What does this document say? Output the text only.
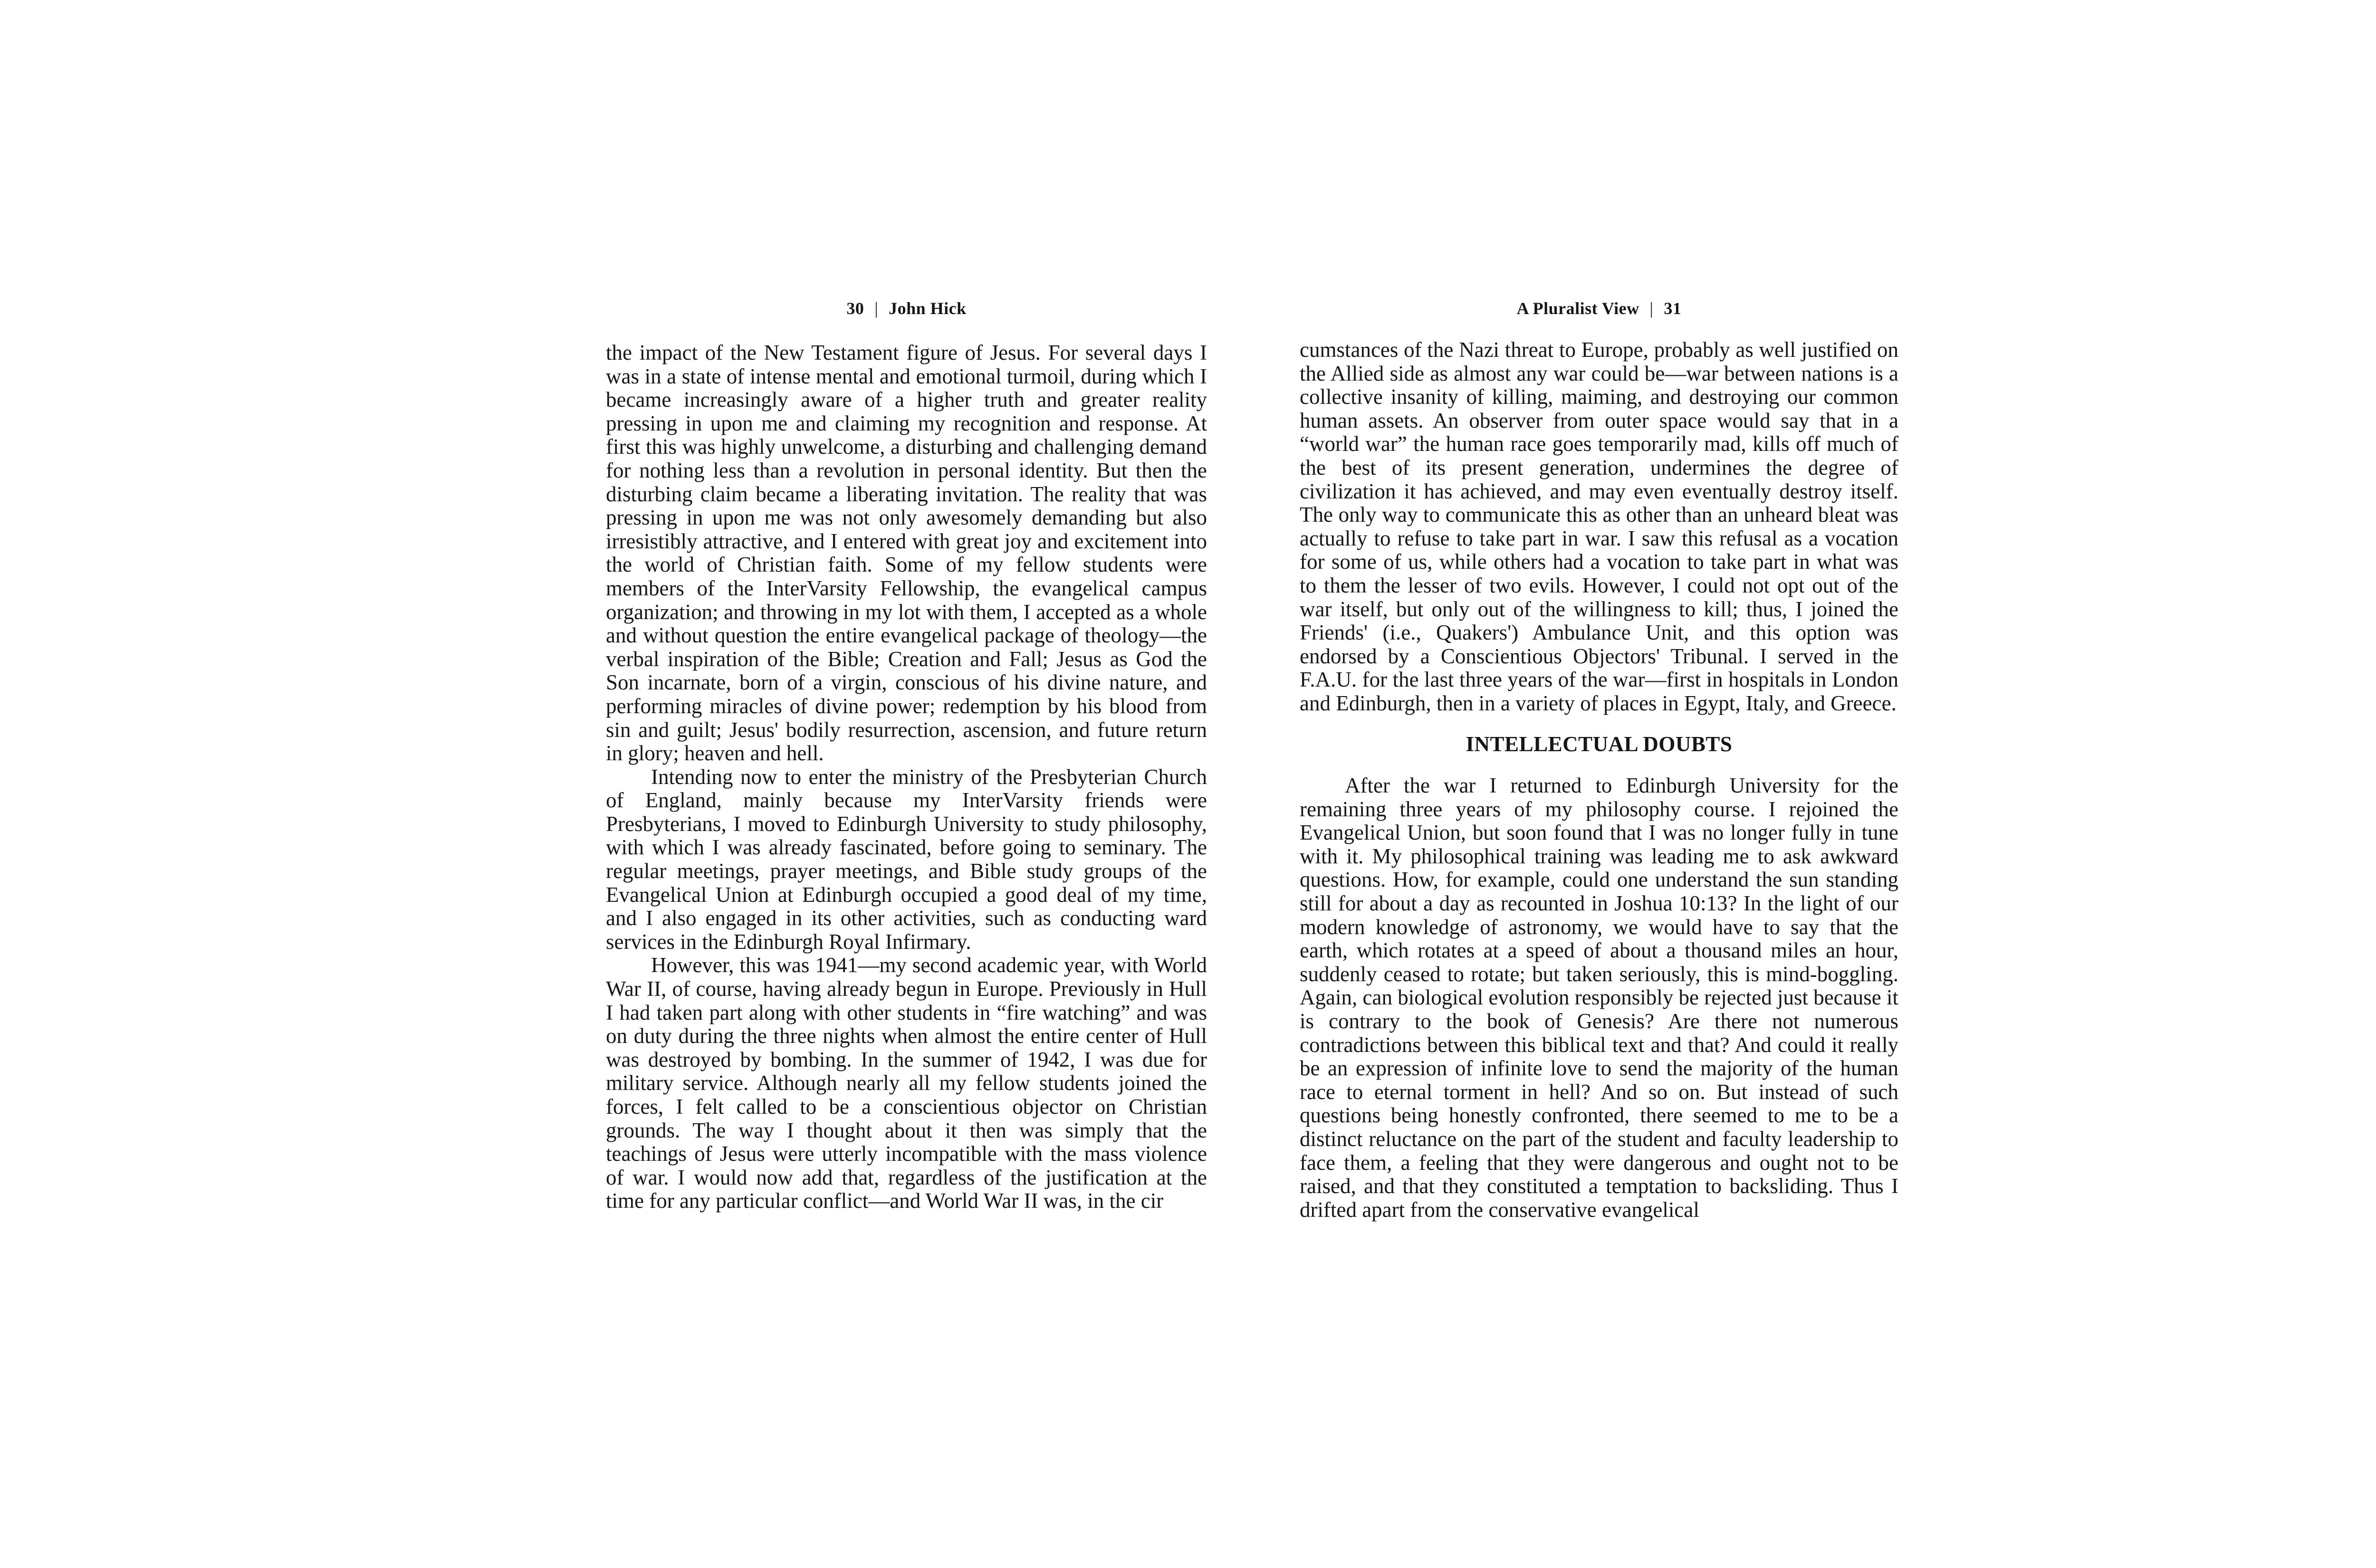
30 | John Hick

the impact of the New Testament figure of Jesus. For several days I was in a state of intense mental and emotional turmoil, during which I became increasingly aware of a higher truth and greater reality pressing in upon me and claiming my recognition and response. At first this was highly unwelcome, a disturbing and challenging demand for nothing less than a revolution in personal identity. But then the disturbing claim became a liberating invitation. The reality that was pressing in upon me was not only awesomely demanding but also irresistibly attractive, and I entered with great joy and excitement into the world of Christian faith. Some of my fellow students were members of the InterVarsity Fellowship, the evangelical campus organization; and throwing in my lot with them, I accepted as a whole and without question the entire evangelical package of theology—the verbal inspiration of the Bible; Creation and Fall; Jesus as God the Son incarnate, born of a virgin, conscious of his divine nature, and performing miracles of divine power; redemption by his blood from sin and guilt; Jesus' bodily resurrection, ascension, and future return in glory; heaven and hell.

Intending now to enter the ministry of the Presbyterian Church of England, mainly because my InterVarsity friends were Presbyterians, I moved to Edinburgh University to study philosophy, with which I was already fascinated, before going to seminary. The regular meetings, prayer meetings, and Bible study groups of the Evangelical Union at Edinburgh occupied a good deal of my time, and I also engaged in its other activities, such as conducting ward services in the Edinburgh Royal Infirmary.

However, this was 1941—my second academic year, with World War II, of course, having already begun in Europe. Previously in Hull I had taken part along with other students in “fire watching” and was on duty during the three nights when almost the entire center of Hull was destroyed by bombing. In the summer of 1942, I was due for military service. Although nearly all my fellow students joined the forces, I felt called to be a conscientious objector on Christian grounds. The way I thought about it then was simply that the teachings of Jesus were utterly incompatible with the mass violence of war. I would now add that, regardless of the justification at the time for any particular conflict—and World War II was, in the cir

A Pluralist View | 31

cumstances of the Nazi threat to Europe, probably as well justified on the Allied side as almost any war could be—war between nations is a collective insanity of killing, maiming, and destroying our common human assets. An observer from outer space would say that in a “world war” the human race goes temporarily mad, kills off much of the best of its present generation, undermines the degree of civilization it has achieved, and may even eventually destroy itself. The only way to communicate this as other than an unheard bleat was actually to refuse to take part in war. I saw this refusal as a vocation for some of us, while others had a vocation to take part in what was to them the lesser of two evils. However, I could not opt out of the war itself, but only out of the willingness to kill; thus, I joined the Friends' (i.e., Quakers') Ambulance Unit, and this option was endorsed by a Conscientious Objectors' Tribunal. I served in the F.A.U. for the last three years of the war—first in hospitals in London and Edinburgh, then in a variety of places in Egypt, Italy, and Greece.

INTELLECTUAL DOUBTS

After the war I returned to Edinburgh University for the remaining three years of my philosophy course. I rejoined the Evangelical Union, but soon found that I was no longer fully in tune with it. My philosophical training was leading me to ask awkward questions. How, for example, could one understand the sun standing still for about a day as recounted in Joshua 10:13? In the light of our modern knowledge of astronomy, we would have to say that the earth, which rotates at a speed of about a thousand miles an hour, suddenly ceased to rotate; but taken seriously, this is mind-boggling. Again, can biological evolution responsibly be rejected just because it is contrary to the book of Genesis? Are there not numerous contradictions between this biblical text and that? And could it really be an expression of infinite love to send the majority of the human race to eternal torment in hell? And so on. But instead of such questions being honestly confronted, there seemed to me to be a distinct reluctance on the part of the student and faculty leadership to face them, a feeling that they were dangerous and ought not to be raised, and that they constituted a temptation to backsliding. Thus I drifted apart from the conservative evangelical
